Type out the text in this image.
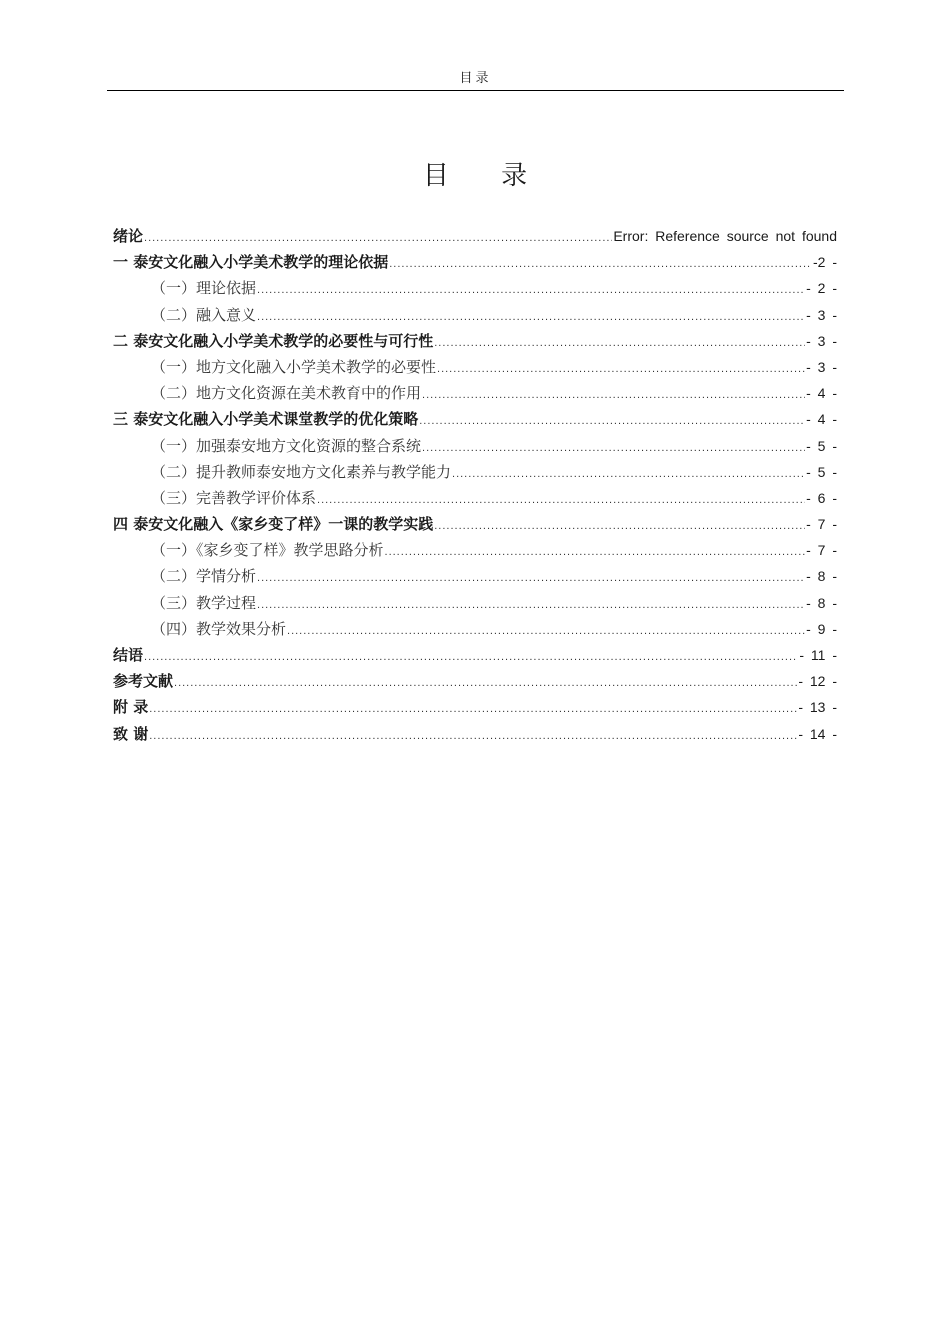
目录
目 录
绪论 .....	Error: Reference source not found
一 泰安文化融入小学美术教学的理论依据 .....	-2 -
（一）理论依据 .....	- 2 -
（二）融入意义 .....	- 3 -
二 泰安文化融入小学美术教学的必要性与可行性 .....	- 3 -
（一）地方文化融入小学美术教学的必要性 .....	- 3 -
（二）地方文化资源在美术教育中的作用 .....	- 4 -
三 泰安文化融入小学美术课堂教学的优化策略 .....	- 4 -
（一）加强泰安地方文化资源的整合系统 .....	- 5 -
（二）提升教师泰安地方文化素养与教学能力 .....	- 5 -
（三）完善教学评价体系 .....	- 6 -
四 泰安文化融入《家乡变了样》一课的教学实践 .....	- 7 -
（一）《家乡变了样》教学思路分析 .....	- 7 -
（二）学情分析 .....	- 8 -
（三）教学过程 .....	- 8 -
（四）教学效果分析 .....	- 9 -
结语 .....	- 11 -
参考文献 .....	- 12 -
附 录 .....	- 13 -
致 谢 .....	- 14 -
